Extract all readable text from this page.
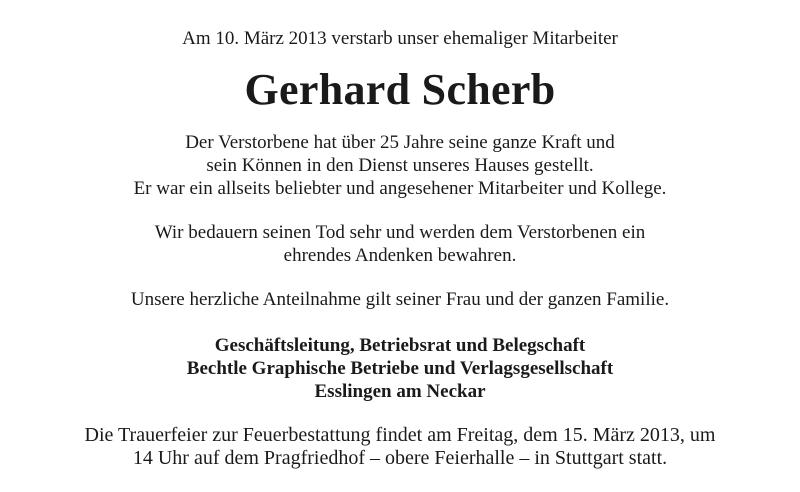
Am 10. März 2013 verstarb unser ehemaliger Mitarbeiter
Gerhard Scherb
Der Verstorbene hat über 25 Jahre seine ganze Kraft und
sein Können in den Dienst unseres Hauses gestellt.
Er war ein allseits beliebter und angesehener Mitarbeiter und Kollege.
Wir bedauern seinen Tod sehr und werden dem Verstorbenen ein
ehrendes Andenken bewahren.
Unsere herzliche Anteilnahme gilt seiner Frau und der ganzen Familie.
Geschäftsleitung, Betriebsrat und Belegschaft
Bechtle Graphische Betriebe und Verlagsgesellschaft
Esslingen am Neckar
Die Trauerfeier zur Feuerbestattung findet am Freitag, dem 15. März 2013, um
14 Uhr auf dem Pragfriedhof – obere Feierhalle – in Stuttgart statt.
